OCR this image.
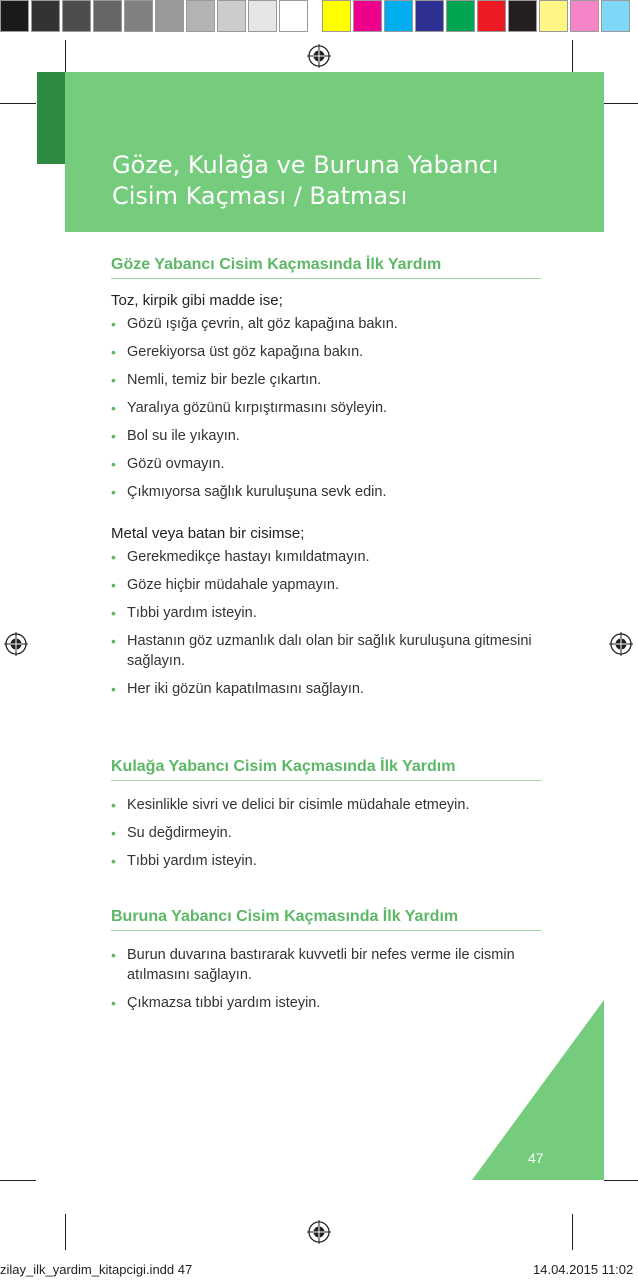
Göze, Kulağa ve Buruna Yabancı
Cisim Kaçması / Batması
Göze Yabancı Cisim Kaçmasında İlk Yardım
Toz, kirpik gibi madde ise;
• Gözü ışığa çevrin, alt göz kapağına bakın.
• Gerekiyorsa üst göz kapağına bakın.
• Nemli, temiz bir bezle çıkartın.
• Yaralıya gözünü kırpıştırmasını söyleyin.
• Bol su ile yıkayın.
• Gözü ovmayın.
• Çıkmıyorsa sağlık kuruluşuna sevk edin.
Metal veya batan bir cisimse;
• Gerekmedikçe hastayı kımıldatmayın.
• Göze hiçbir müdahale yapmayın.
• Tıbbi yardım isteyin.
• Hastanın göz uzmanlık dalı olan bir sağlık kuruluşuna gitmesini sağlayın.
• Her iki gözün kapatılmasını sağlayın.
Kulağa Yabancı Cisim Kaçmasında İlk Yardım
• Kesinlikle sivri ve delici bir cisimle müdahale etmeyin.
• Su değdirmeyin.
• Tıbbi yardım isteyin.
Buruna Yabancı Cisim Kaçmasında İlk Yardım
• Burun duvarına bastırarak kuvvetli bir nefes verme ile cismin atılmasını sağlayın.
• Çıkmazsa tıbbi yardım isteyin.
47
zilay_ilk_yardim_kitapcigi.indd 47	14.04.2015 11:02
